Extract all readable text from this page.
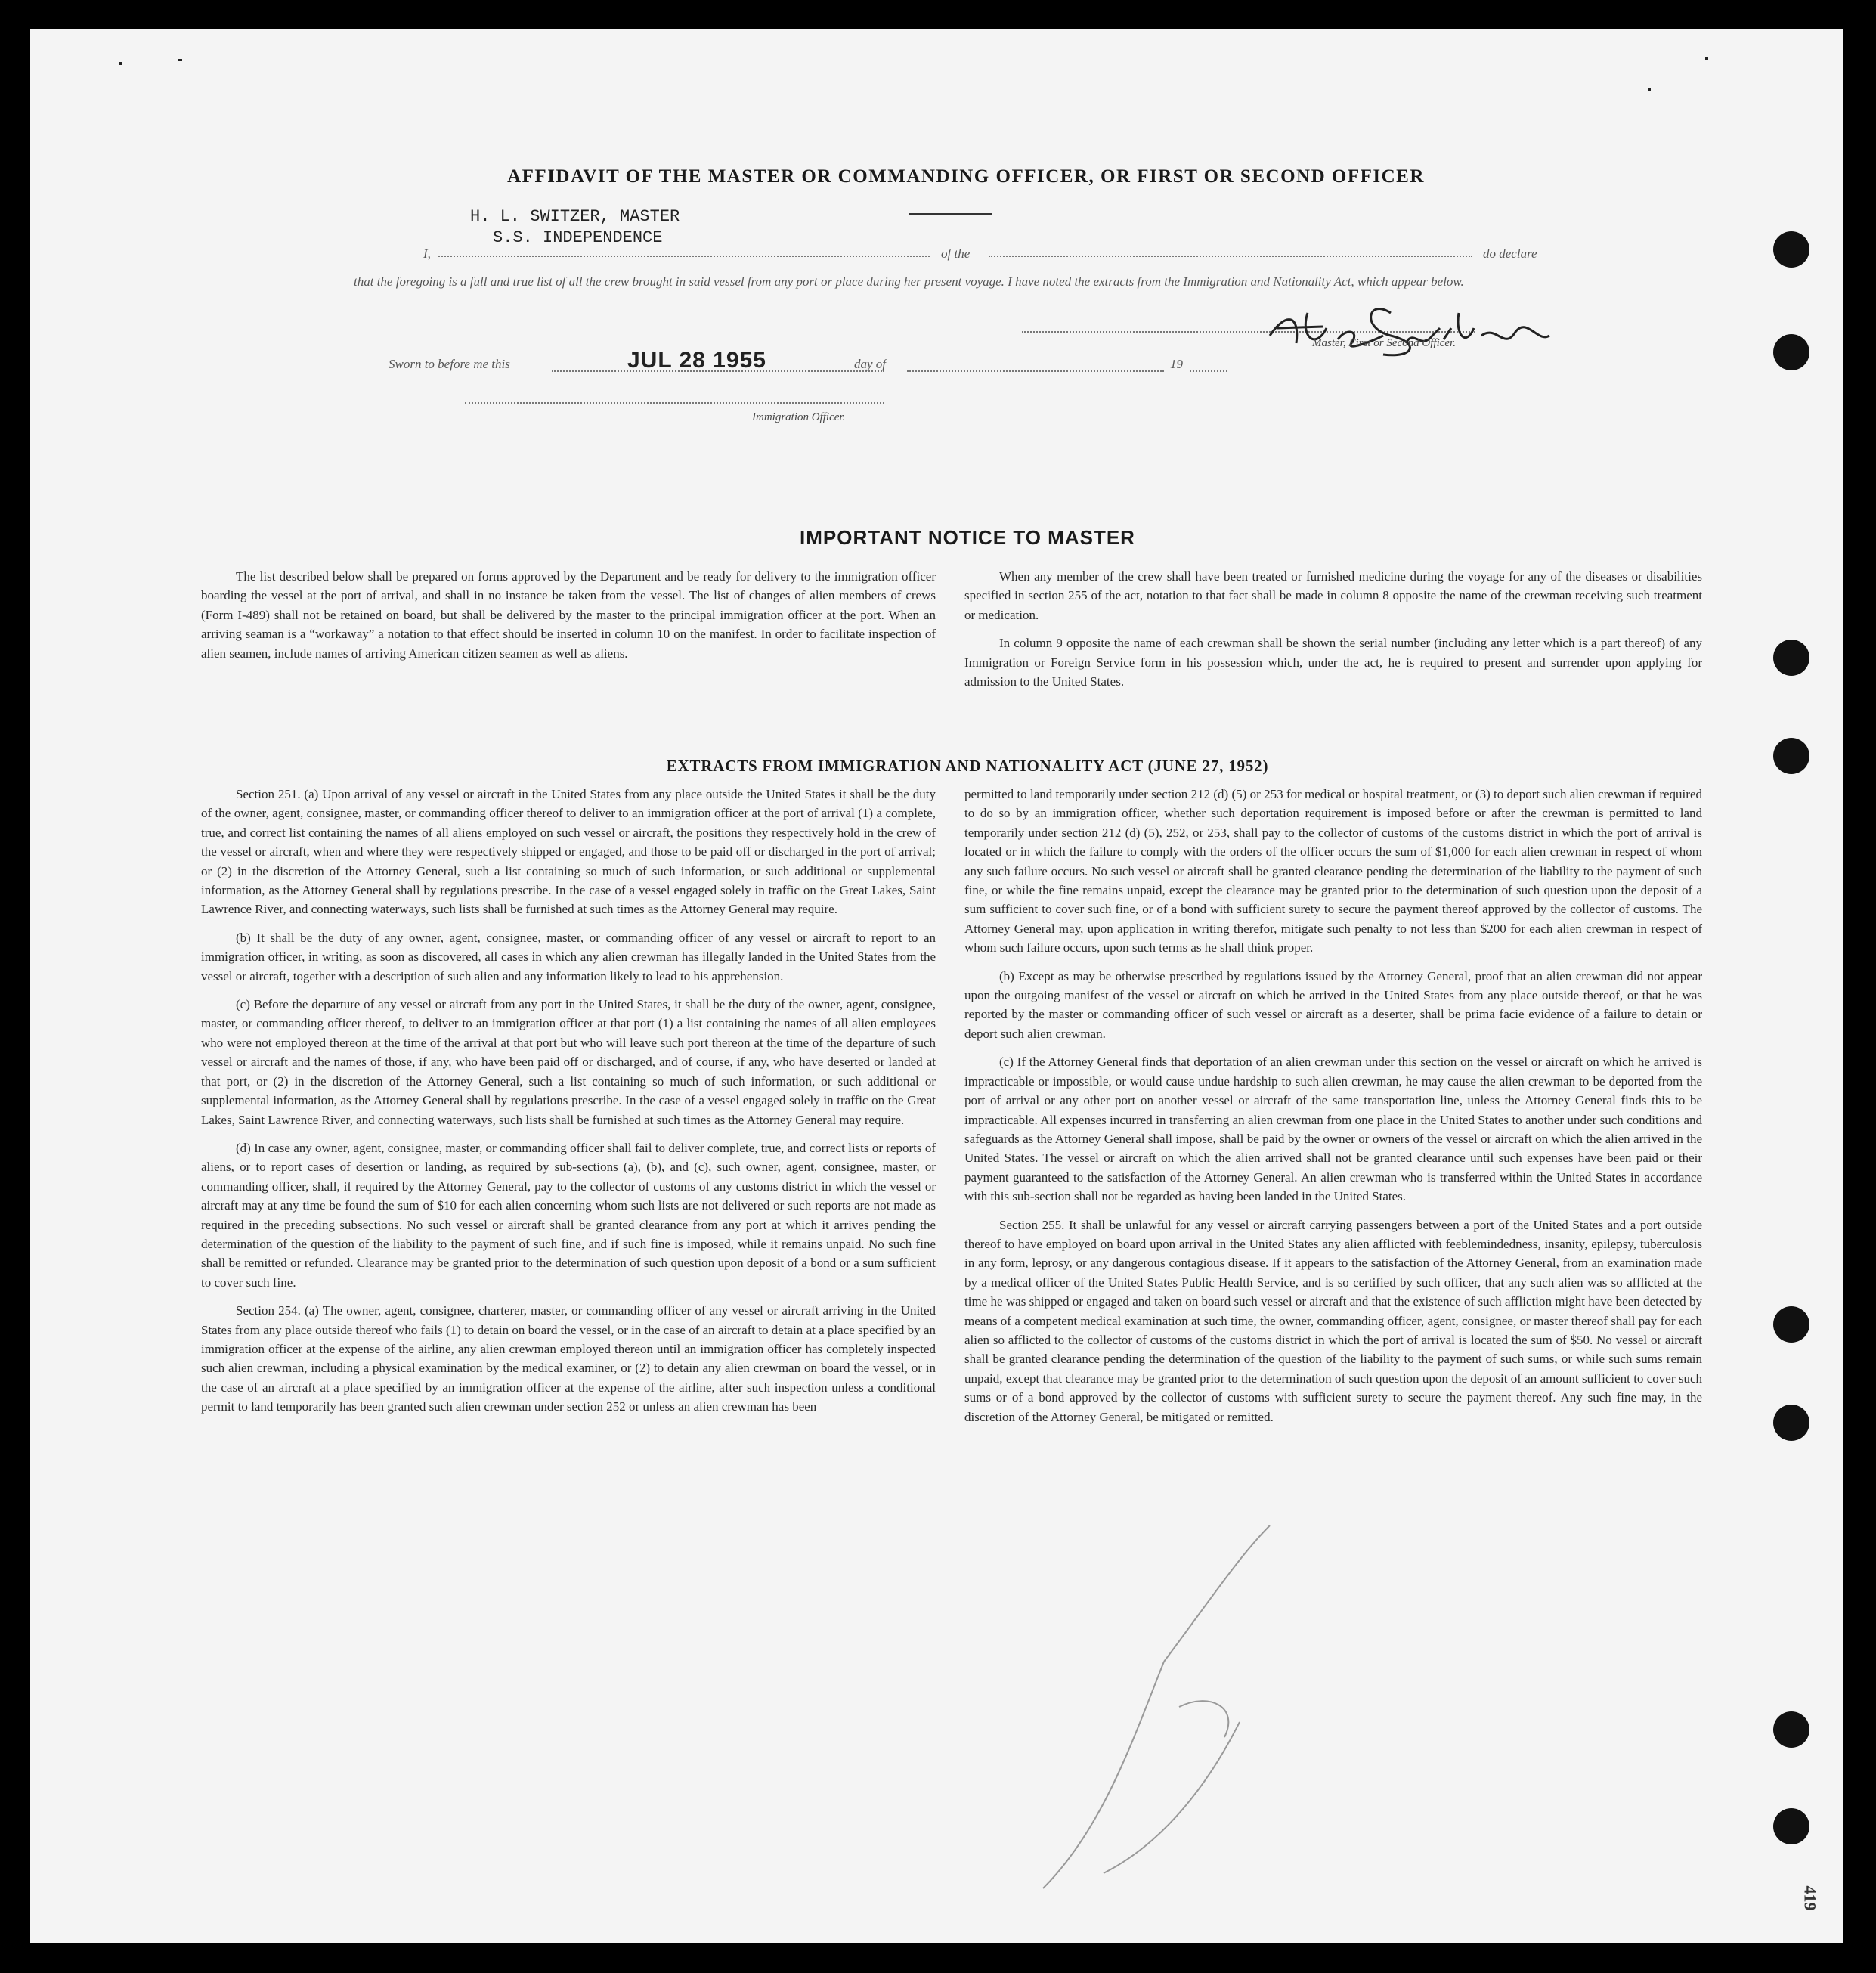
AFFIDAVIT OF THE MASTER OR COMMANDING OFFICER, OR FIRST OR SECOND OFFICER
H. L. SWITZER, MASTER
S.S. INDEPENDENCE
I,	of the	do declare
that the foregoing is a full and true list of all the crew brought in said vessel from any port or place during her present voyage. I have noted the extracts from the Immigration and Nationality Act, which appear below.
Master, First or Second Officer.
Sworn to before me this	JUL 28 1955	day of	19
Immigration Officer.
IMPORTANT NOTICE TO MASTER

The list described below shall be prepared on forms approved by the Department and be ready for delivery to the immigration officer boarding the vessel at the port of arrival, and shall in no instance be taken from the vessel. The list of changes of alien members of crews (Form I-489) shall not be retained on board, but shall be delivered by the master to the principal immigration officer at the port. When an arriving seaman is a “workaway” a notation to that effect should be inserted in column 10 on the manifest. In order to facilitate inspection of alien seamen, include names of arriving American citizen seamen as well as aliens.

When any member of the crew shall have been treated or furnished medicine during the voyage for any of the diseases or disabilities specified in section 255 of the act, notation to that fact shall be made in column 8 opposite the name of the crewman receiving such treatment or medication.

In column 9 opposite the name of each crewman shall be shown the serial number (including any letter which is a part thereof) of any Immigration or Foreign Service form in his possession which, under the act, he is required to present and surrender upon applying for admission to the United States.

EXTRACTS FROM IMMIGRATION AND NATIONALITY ACT (JUNE 27, 1952)

Section 251. (a) Upon arrival of any vessel or aircraft in the United States from any place outside the United States it shall be the duty of the owner, agent, consignee, master, or commanding officer thereof to deliver to an immigration officer at the port of arrival (1) a complete, true, and correct list containing the names of all aliens employed on such vessel or aircraft, the positions they respectively hold in the crew of the vessel or aircraft, when and where they were respectively shipped or engaged, and those to be paid off or discharged in the port of arrival; or (2) in the discretion of the Attorney General, such a list containing so much of such information, or such additional or supplemental information, as the Attorney General shall by regulations prescribe. In the case of a vessel engaged solely in traffic on the Great Lakes, Saint Lawrence River, and connecting waterways, such lists shall be furnished at such times as the Attorney General may require.

(b) It shall be the duty of any owner, agent, consignee, master, or commanding officer of any vessel or aircraft to report to an immigration officer, in writing, as soon as discovered, all cases in which any alien crewman has illegally landed in the United States from the vessel or aircraft, together with a description of such alien and any information likely to lead to his apprehension.

(c) Before the departure of any vessel or aircraft from any port in the United States, it shall be the duty of the owner, agent, consignee, master, or commanding officer thereof, to deliver to an immigration officer at that port (1) a list containing the names of all alien employees who were not employed thereon at the time of the arrival at that port but who will leave such port thereon at the time of the departure of such vessel or aircraft and the names of those, if any, who have been paid off or discharged, and of course, if any, who have deserted or landed at that port, or (2) in the discretion of the Attorney General, such a list containing so much of such information, or such additional or supplemental information, as the Attorney General shall by regulations prescribe. In the case of a vessel engaged solely in traffic on the Great Lakes, Saint Lawrence River, and connecting waterways, such lists shall be furnished at such times as the Attorney General may require.

(d) In case any owner, agent, consignee, master, or commanding officer shall fail to deliver complete, true, and correct lists or reports of aliens, or to report cases of desertion or landing, as required by sub-sections (a), (b), and (c), such owner, agent, consignee, master, or commanding officer, shall, if required by the Attorney General, pay to the collector of customs of any customs district in which the vessel or aircraft may at any time be found the sum of $10 for each alien concerning whom such lists are not delivered or such reports are not made as required in the preceding subsections. No such vessel or aircraft shall be granted clearance from any port at which it arrives pending the determination of the question of the liability to the payment of such fine, and if such fine is imposed, while it remains unpaid. No such fine shall be remitted or refunded. Clearance may be granted prior to the determination of such question upon deposit of a bond or a sum sufficient to cover such fine.

Section 254. (a) The owner, agent, consignee, charterer, master, or commanding officer of any vessel or aircraft arriving in the United States from any place outside thereof who fails (1) to detain on board the vessel, or in the case of an aircraft to detain at a place specified by an immigration officer at the expense of the airline, any alien crewman employed thereon until an immigration officer has completely inspected such alien crewman, including a physical examination by the medical examiner, or (2) to detain any alien crewman on board the vessel, or in the case of an aircraft at a place specified by an immigration officer at the expense of the airline, after such inspection unless a conditional permit to land temporarily has been granted such alien crewman under section 252 or unless an alien crewman has been

permitted to land temporarily under section 212 (d) (5) or 253 for medical or hospital treatment, or (3) to deport such alien crewman if required to do so by an immigration officer, whether such deportation requirement is imposed before or after the crewman is permitted to land temporarily under section 212 (d) (5), 252, or 253, shall pay to the collector of customs of the customs district in which the port of arrival is located or in which the failure to comply with the orders of the officer occurs the sum of $1,000 for each alien crewman in respect of whom any such failure occurs. No such vessel or aircraft shall be granted clearance pending the determination of the liability to the payment of such fine, or while the fine remains unpaid, except the clearance may be granted prior to the determination of such question upon the deposit of a sum sufficient to cover such fine, or of a bond with sufficient surety to secure the payment thereof approved by the collector of customs. The Attorney General may, upon application in writing therefor, mitigate such penalty to not less than $200 for each alien crewman in respect of whom such failure occurs, upon such terms as he shall think proper.

(b) Except as may be otherwise prescribed by regulations issued by the Attorney General, proof that an alien crewman did not appear upon the outgoing manifest of the vessel or aircraft on which he arrived in the United States from any place outside thereof, or that he was reported by the master or commanding officer of such vessel or aircraft as a deserter, shall be prima facie evidence of a failure to detain or deport such alien crewman.

(c) If the Attorney General finds that deportation of an alien crewman under this section on the vessel or aircraft on which he arrived is impracticable or impossible, or would cause undue hardship to such alien crewman, he may cause the alien crewman to be deported from the port of arrival or any other port on another vessel or aircraft of the same transportation line, unless the Attorney General finds this to be impracticable. All expenses incurred in transferring an alien crewman from one place in the United States to another under such conditions and safeguards as the Attorney General shall impose, shall be paid by the owner or owners of the vessel or aircraft on which the alien arrived in the United States. The vessel or aircraft on which the alien arrived shall not be granted clearance until such expenses have been paid or their payment guaranteed to the satisfaction of the Attorney General. An alien crewman who is transferred within the United States in accordance with this sub-section shall not be regarded as having been landed in the United States.

Section 255. It shall be unlawful for any vessel or aircraft carrying passengers between a port of the United States and a port outside thereof to have employed on board upon arrival in the United States any alien afflicted with feeblemindedness, insanity, epilepsy, tuberculosis in any form, leprosy, or any dangerous contagious disease. If it appears to the satisfaction of the Attorney General, from an examination made by a medical officer of the United States Public Health Service, and is so certified by such officer, that any such alien was so afflicted at the time he was shipped or engaged and taken on board such vessel or aircraft and that the existence of such affliction might have been detected by means of a competent medical examination at such time, the owner, commanding officer, agent, consignee, or master thereof shall pay for each alien so afflicted to the collector of customs of the customs district in which the port of arrival is located the sum of $50. No vessel or aircraft shall be granted clearance pending the determination of the question of the liability to the payment of such sums, or while such sums remain unpaid, except that clearance may be granted prior to the determination of such question upon the deposit of an amount sufficient to cover such sums or of a bond approved by the collector of customs with sufficient surety to secure the payment thereof. Any such fine may, in the discretion of the Attorney General, be mitigated or remitted.

419
